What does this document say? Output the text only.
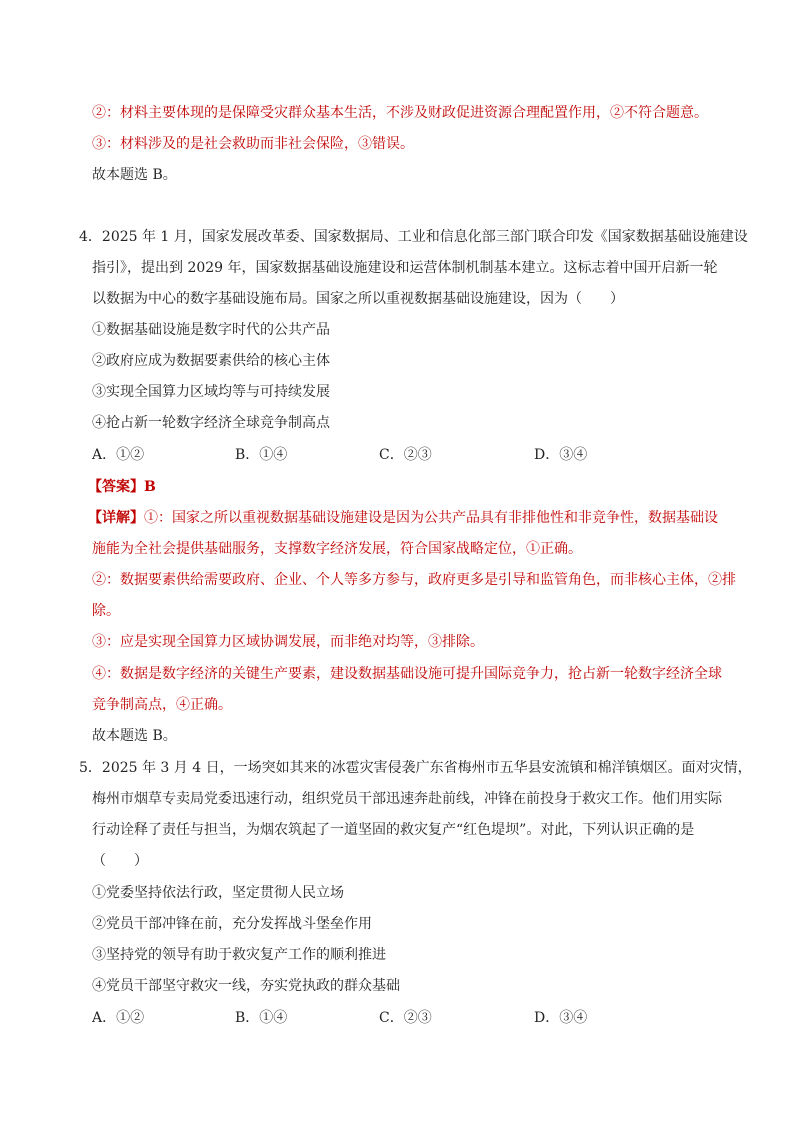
②：材料主要体现的是保障受灾群众基本生活，不涉及财政促进资源合理配置作用，②不符合题意。
③：材料涉及的是社会救助而非社会保险，③错误。
故本题选 B。
4．2025 年 1 月，国家发展改革委、国家数据局、工业和信息化部三部门联合印发《国家数据基础设施建设
指引》，提出到 2029 年，国家数据基础设施建设和运营体制机制基本建立。这标志着中国开启新一轮
以数据为中心的数字基础设施布局。国家之所以重视数据基础设施建设，因为（　　）
①数据基础设施是数字时代的公共产品
②政府应成为数据要素供给的核心主体
③实现全国算力区域均等与可持续发展
④抢占新一轮数字经济全球竞争制高点
A．①②	B．①④	C．②③	D．③④
【答案】B
【详解】①：国家之所以重视数据基础设施建设是因为公共产品具有非排他性和非竞争性，数据基础设
施能为全社会提供基础服务，支撑数字经济发展，符合国家战略定位，①正确。
②：数据要素供给需要政府、企业、个人等多方参与，政府更多是引导和监管角色，而非核心主体，②排
除。
③：应是实现全国算力区域协调发展，而非绝对均等，③排除。
④：数据是数字经济的关键生产要素，建设数据基础设施可提升国际竞争力，抢占新一轮数字经济全球
竞争制高点，④正确。
故本题选 B。
5．2025 年 3 月 4 日，一场突如其来的冰雹灾害侵袭广东省梅州市五华县安流镇和棉洋镇烟区。面对灾情，
梅州市烟草专卖局党委迅速行动，组织党员干部迅速奔赴前线，冲锋在前投身于救灾工作。他们用实际
行动诠释了责任与担当，为烟农筑起了一道坚固的救灾复产“红色堤坝”。对此，下列认识正确的是
（　　）
①党委坚持依法行政，坚定贯彻人民立场
②党员干部冲锋在前，充分发挥战斗堡垒作用
③坚持党的领导有助于救灾复产工作的顺利推进
④党员干部坚守救灾一线，夯实党执政的群众基础
A．①②	B．①④	C．②③	D．③④
